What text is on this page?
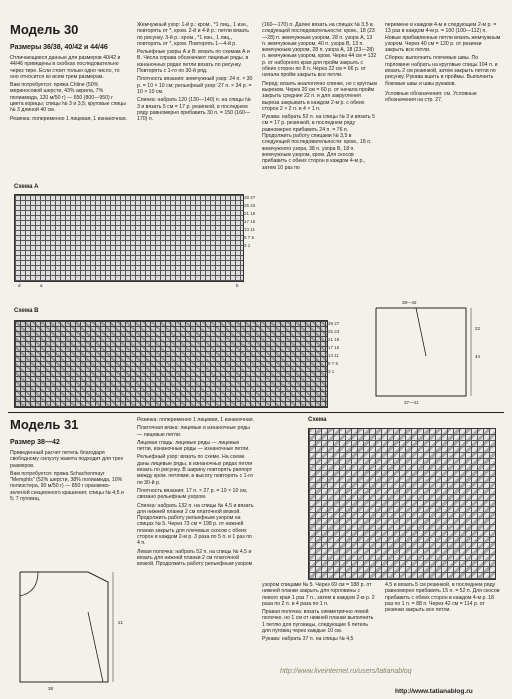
Модель 30
Размеры 36/38, 40/42 и 44/46

Отличающиеся данные для размеров 40/42 и 44/46 приведены в скобках последовательно через тире. Если стоит только одно число, то оно относится ко всем трем размерам.

Вам потребуется: пряжа Chline (50% мериносовой шерсти, 43% акрила, 7% полиамида, 120 м/50 г) — 650 (800—950) г цвета корицы; спицы № 3 и 3,5; круговые спицы № 3 длиной 40 см.

Резинка: попеременно 1 лицевая, 1 изнаночная.

Жемчужный узор: 1-й р.: кром., *1 лиц., 1 изн., повторять от *, кром. 2-й и 4-й р.: петли вязать по рисунку. 3-й р.: кром., *1 изн., 1 лиц., повторять от *, кром. Повторять 1—4-й р.

Рельефные узоры А и В: вязать по схемам А и В. Числа справа обозначают лицевые ряды, в изнаночных рядах петли вязать по рисунку. Повторять с 1-го по 30-й ряд.

Плотность вязания: жемчужный узор: 24 п. × 30 р. = 10 × 10 см; рельефный узор: 27 п. × 34 р. = 10 × 10 см.

Спинка: набрать 120 (130—140) п. на спицы № 3 и вязать 5 см = 17 р. резинкой, в последнем ряду равномерно прибавить 30 п. = 150 (160—170) п.

(160—170) п. Далее вязать на спицах № 3,5 в следующей последовательности: кром., 18 (23—28) п. жемчужным узором, 28 п. узора А, 13 п. жемчужным узором, 40 п. узора В, 13 п. жемчужным узором, 28 п. узора А, 18 (23—28) п. жемчужным узором, кром. Через 44 см = 132 р. от наборного края для пройм закрыть с обеих сторон по 8 п. Через 22 см = 66 р. от начала пройм закрыть все петли.

Перед: вязать аналогично спинке, но с круглым вырезом. Через 20 см = 60 р. от начала пройм закрыть средние 22 п. и для закругления выреза закрывать в каждом 2-м р. с обеих сторон 2 × 2 п. и 4 × 1 п.

Рукава: набрать 52 п. на спицы № 3 и вязать 5 см = 17 р. резинкой, в последнем ряду равномерно прибавить 24 п. = 76 п. Продолжить работу спицами № 3,5 в следующей последовательности: кром., 18 п. жемчужного узора, 38 п. узора В, 18 п. жемчужным узором, кром. Для скосов прибавить с обеих сторон в каждом 4-м р., затем 10 раз по

перемене в каждом 4-м и следующем 2-м р. = 13 раз в каждом 4-м р. = 100 (100—112) п. Новые прибавленные петли вязать жемчужным узором. Через 40 см = 120 р. от резинки закрыть все петли.

Сборка: выполнить плечевые швы. По горловине набрать на круговые спицы 104 п. и вязать 2 см резинкой, затем закрыть петли по рисунку. Рукава вшить в проймы. Выполнить боковые швы и швы рукавов.

Условные обозначения: см. Условные обозначения на стр. 27.

Схема A
29 27 25 23 21 19 17 15 13 11 9 7 5 3 1
d	a	b
Схема B
29 27 25 23 21 19 17 15 13 11 9 7 5 3 1
38—42
22
44
37—41
Модель 31
Размер 38—42

Приведенный расчет петель благодаря свободному силуэту жакета подходит для трех размеров.

Вам потребуется: пряжа Schachenmayr "Memphis" (52% шерсти, 38% полиамида, 10% полиэстера, 90 м/50 г) — 850 г оранжево-зеленой секционного крашения; спицы № 4,5 и 5; 7 пуговиц.

Резинка: попеременно 1 лицевая, 1 изнаночная.

Платочная вязка: лицевые и изнаночные ряды — лицевые петли.

Лицевая гладь: лицевые ряды — лицевые петли, изнаночные ряды — изнаночные петли.

Рельефный узор: вязать по схеме. На схеме даны лицевые ряды, в изнаночных рядах петли вязать по рисунку. В ширину повторять раппорт между кром. петлями, в высоту повторять с 1-го по 30-й р.

Плотность вязания: 17 п. × 27 р. = 10 × 10 см, связано рельефным узором.

Спинка: набрать 132 п. на спицы № 4,5 и вязать для нижней планки 2 см платочной вязкой. Продолжить работу рельефным узором на спицах № 5. Через 73 см = 198 р. от нижней планки закрыть для плечевых скосов с обеих сторон в каждом 2-м р. 3 раза по 5 п. и 1 раз по 4 п.

Левая полочка: набрать 52 п. на спицы № 4,5 и вязать для нижней планки 2 см платочной вязкой. Продолжить работу рельефным узором

Схема

узором спицами № 5. Через 69 см = 188 р. от нижней планки закрыть для горловины с левого края 1 раз 7 п., затем в каждом 2-м р. 2 раза по 2 п. и 4 раза по 1 п.

Правая полочка: вязать симметрично левой полочке, но 1 см от нижней планки выполнить 1 петлю для пуговицы, следующие 6 петель для пуговиц через каждые 10 см.

Рукава: набрать 37 п. на спицы № 4,5

4,5 и вязать 5 см резинкой, в последнем ряду равномерно прибавить 15 п. = 52 п. Для скосов прибавить с обеих сторон в каждом 4-м р. 18 раз по 1 п. = 88 п. Через 42 см = 114 р. от резинки закрыть все петли.

38
21
http://www.liveinternet.ru/users/tatianabloq
http://www.tatianablog.ru
